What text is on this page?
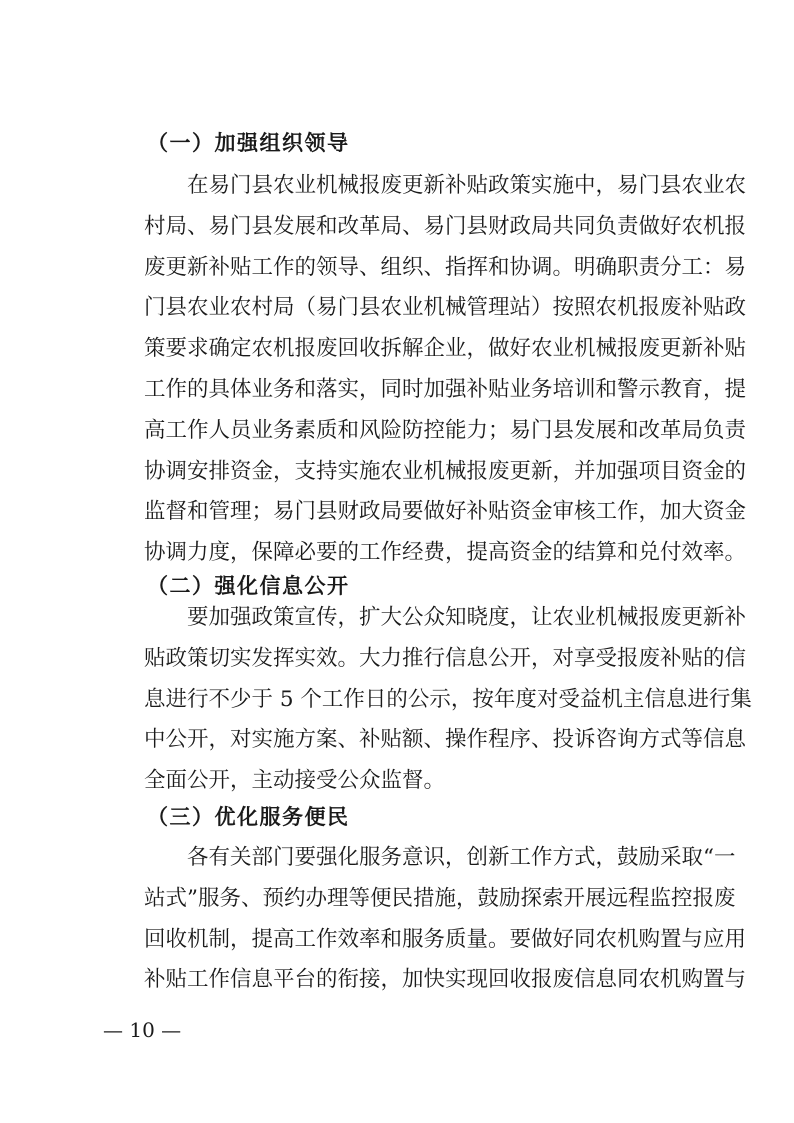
（一）加强组织领导
在易门县农业机械报废更新补贴政策实施中，易门县农业农
村局、易门县发展和改革局、易门县财政局共同负责做好农机报
废更新补贴工作的领导、组织、指挥和协调。明确职责分工：易
门县农业农村局（易门县农业机械管理站）按照农机报废补贴政
策要求确定农机报废回收拆解企业，做好农业机械报废更新补贴
工作的具体业务和落实，同时加强补贴业务培训和警示教育，提
高工作人员业务素质和风险防控能力；易门县发展和改革局负责
协调安排资金，支持实施农业机械报废更新，并加强项目资金的
监督和管理；易门县财政局要做好补贴资金审核工作，加大资金
协调力度，保障必要的工作经费，提高资金的结算和兑付效率。
（二）强化信息公开
要加强政策宣传，扩大公众知晓度，让农业机械报废更新补
贴政策切实发挥实效。大力推行信息公开，对享受报废补贴的信
息进行不少于 5 个工作日的公示，按年度对受益机主信息进行集
中公开，对实施方案、补贴额、操作程序、投诉咨询方式等信息
全面公开，主动接受公众监督。
（三）优化服务便民
各有关部门要强化服务意识，创新工作方式，鼓励采取“一
站式”服务、预约办理等便民措施，鼓励探索开展远程监控报废
回收机制，提高工作效率和服务质量。要做好同农机购置与应用
补贴工作信息平台的衔接，加快实现回收报废信息同农机购置与
— 10 —
